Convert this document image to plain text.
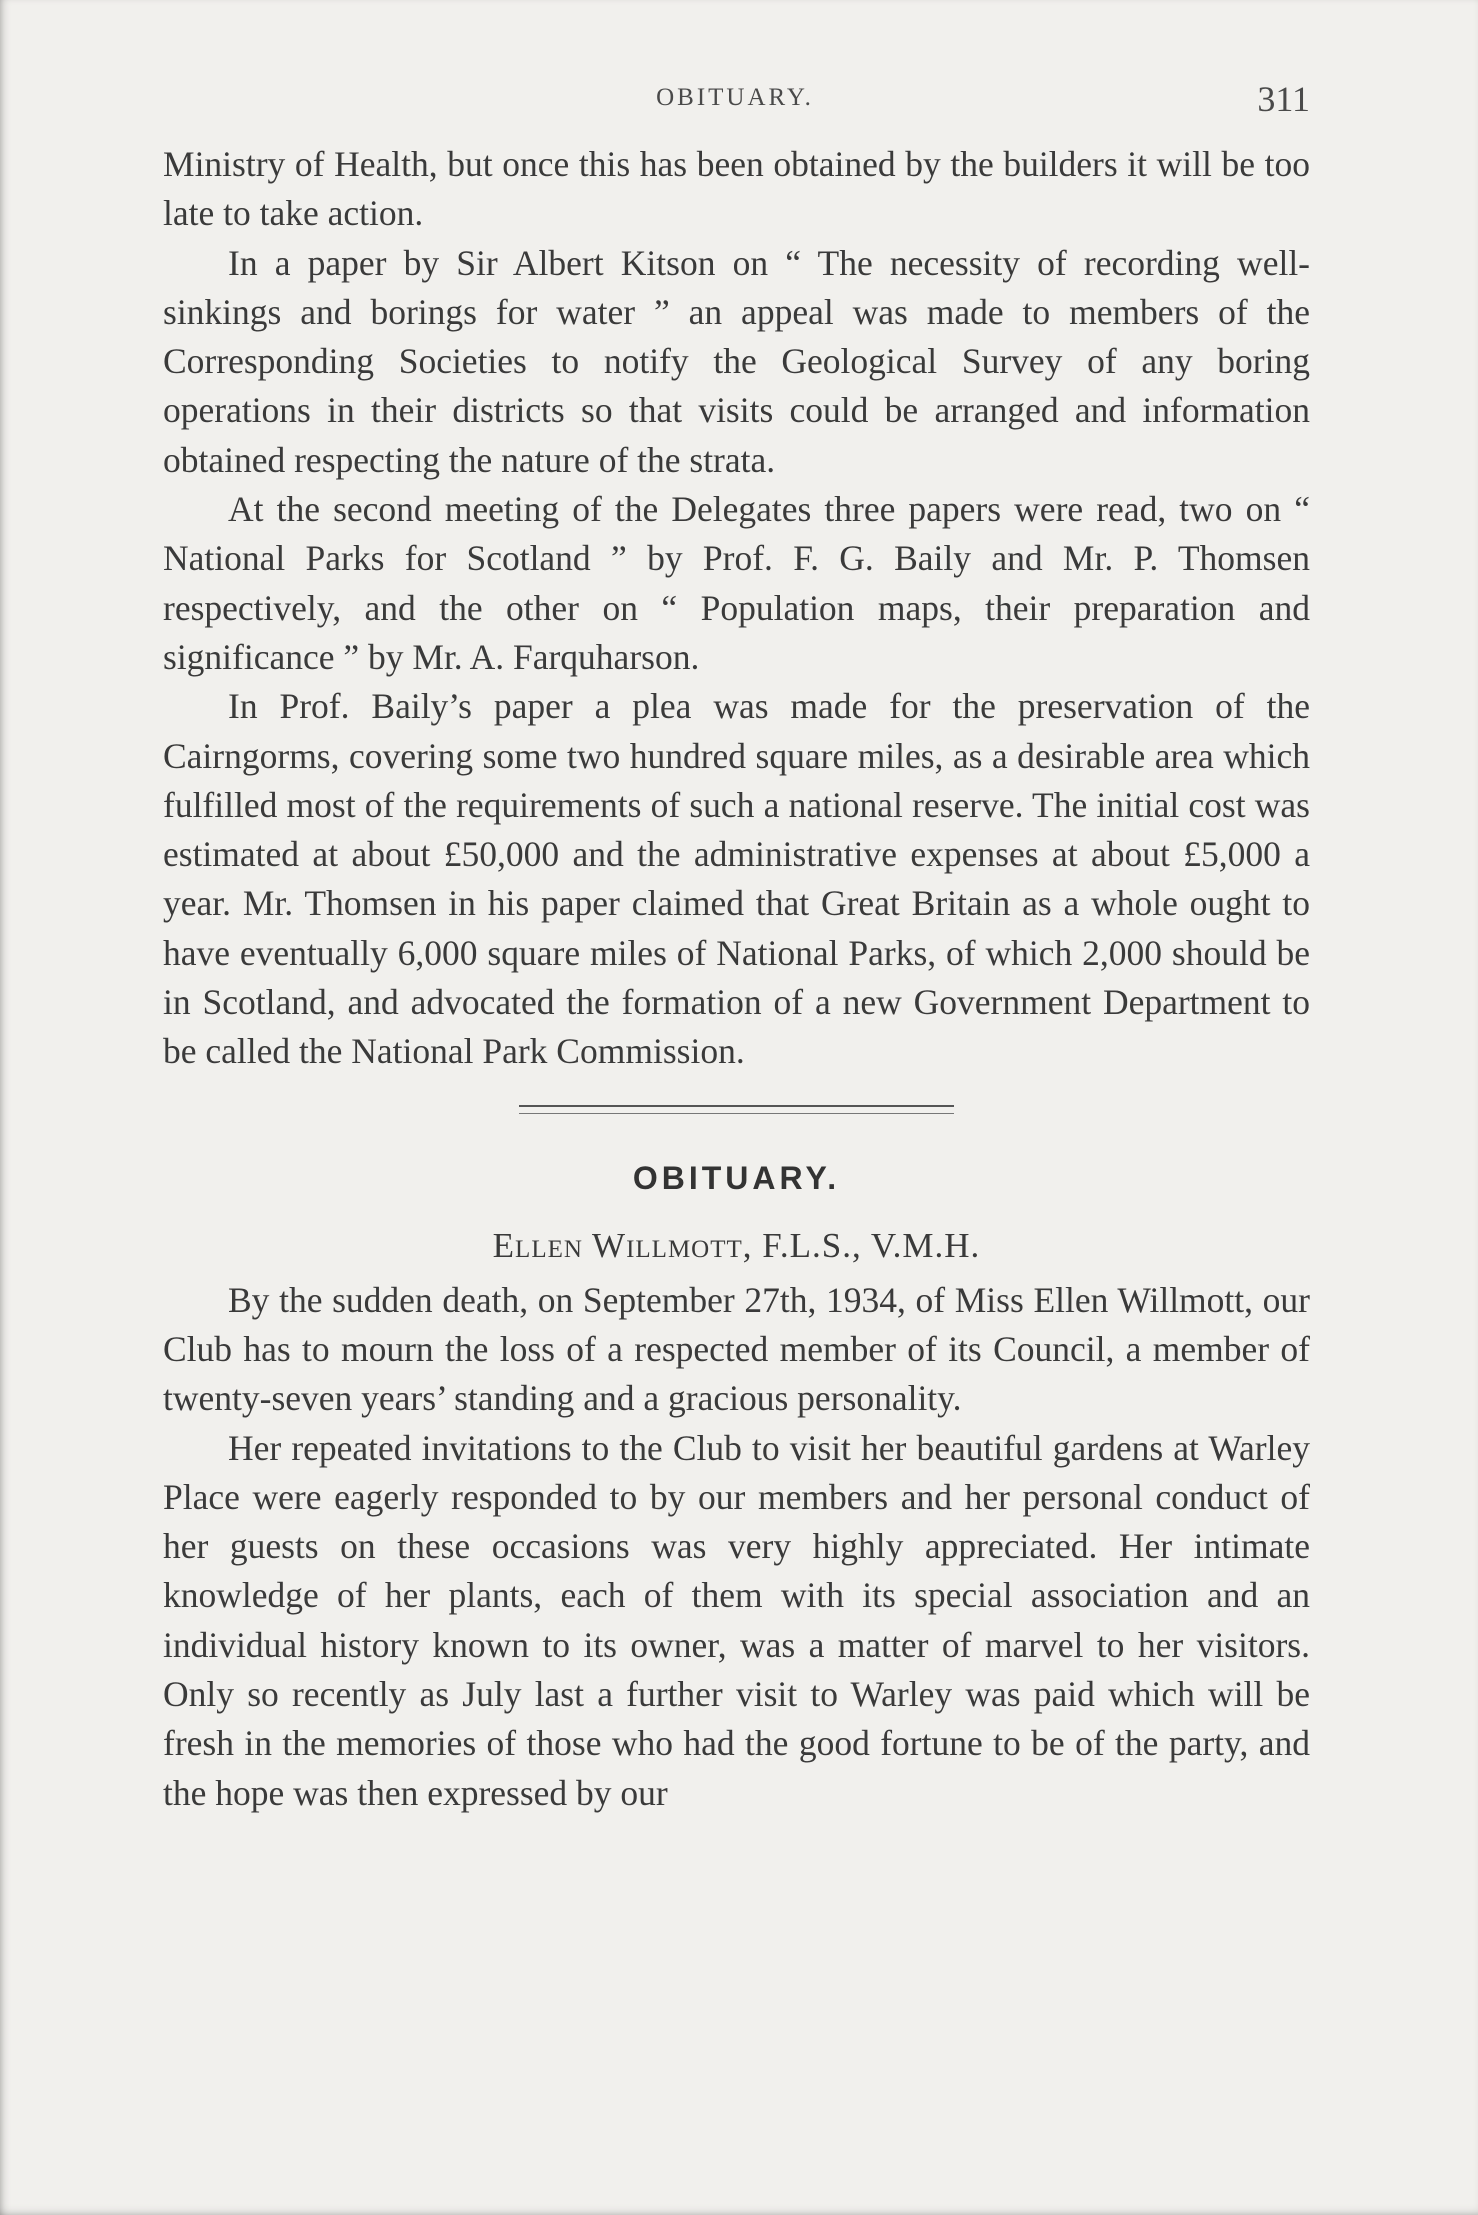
OBITUARY.	311

Ministry of Health, but once this has been obtained by the builders it will be too late to take action.

In a paper by Sir Albert Kitson on “ The necessity of recording well-sinkings and borings for water ” an appeal was made to members of the Corresponding Societies to notify the Geological Survey of any boring operations in their districts so that visits could be arranged and information obtained respecting the nature of the strata.

At the second meeting of the Delegates three papers were read, two on “ National Parks for Scotland ” by Prof. F. G. Baily and Mr. P. Thomsen respectively, and the other on “ Population maps, their preparation and significance ” by Mr. A. Farquharson.

In Prof. Baily’s paper a plea was made for the preservation of the Cairngorms, covering some two hundred square miles, as a desirable area which fulfilled most of the requirements of such a national reserve. The initial cost was estimated at about £50,000 and the administrative expenses at about £5,000 a year. Mr. Thomsen in his paper claimed that Great Britain as a whole ought to have eventually 6,000 square miles of National Parks, of which 2,000 should be in Scotland, and advocated the formation of a new Government Department to be called the National Park Commission.

OBITUARY.
Ellen Willmott, F.L.S., V.M.H.

By the sudden death, on September 27th, 1934, of Miss Ellen Willmott, our Club has to mourn the loss of a respected member of its Council, a member of twenty-seven years’ standing and a gracious personality.

Her repeated invitations to the Club to visit her beautiful gardens at Warley Place were eagerly responded to by our members and her personal conduct of her guests on these occasions was very highly appreciated. Her intimate knowledge of her plants, each of them with its special association and an individual history known to its owner, was a matter of marvel to her visitors. Only so recently as July last a further visit to Warley was paid which will be fresh in the memories of those who had the good fortune to be of the party, and the hope was then expressed by our
